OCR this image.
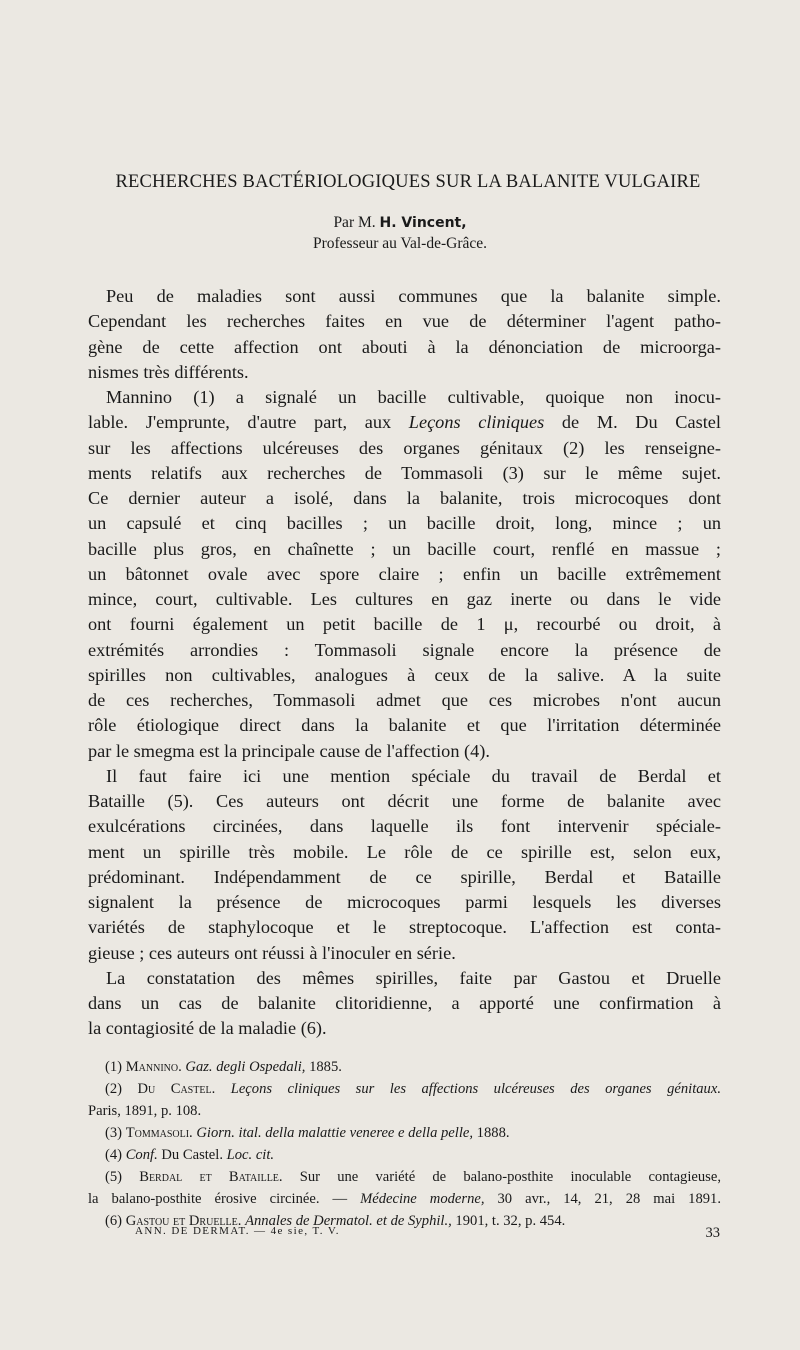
RECHERCHES BACTÉRIOLOGIQUES SUR LA BALANITE VULGAIRE
Par M. H. Vincent,
Professeur au Val-de-Grâce.
Peu de maladies sont aussi communes que la balanite simple.
Cependant les recherches faites en vue de déterminer l'agent patho-
gène de cette affection ont abouti à la dénonciation de microorga-
nismes très différents.
Mannino (1) a signalé un bacille cultivable, quoique non inocu-
lable. J'emprunte, d'autre part, aux Leçons cliniques de M. Du Castel
sur les affections ulcéreuses des organes génitaux (2) les renseigne-
ments relatifs aux recherches de Tommasoli (3) sur le même sujet.
Ce dernier auteur a isolé, dans la balanite, trois microcoques dont
un capsulé et cinq bacilles ; un bacille droit, long, mince ; un
bacille plus gros, en chaînette ; un bacille court, renflé en massue ;
un bâtonnet ovale avec spore claire ; enfin un bacille extrêmement
mince, court, cultivable. Les cultures en gaz inerte ou dans le vide
ont fourni également un petit bacille de 1 μ, recourbé ou droit, à
extrémités arrondies : Tommasoli signale encore la présence de
spirilles non cultivables, analogues à ceux de la salive. A la suite
de ces recherches, Tommasoli admet que ces microbes n'ont aucun
rôle étiologique direct dans la balanite et que l'irritation déterminée
par le smegma est la principale cause de l'affection (4).
Il faut faire ici une mention spéciale du travail de Berdal et
Bataille (5). Ces auteurs ont décrit une forme de balanite avec
exulcérations circinées, dans laquelle ils font intervenir spéciale-
ment un spirille très mobile. Le rôle de ce spirille est, selon eux,
prédominant. Indépendamment de ce spirille, Berdal et Bataille
signalent la présence de microcoques parmi lesquels les diverses
variétés de staphylocoque et le streptocoque. L'affection est conta-
gieuse ; ces auteurs ont réussi à l'inoculer en série.
La constatation des mêmes spirilles, faite par Gastou et Druelle
dans un cas de balanite clitoridienne, a apporté une confirmation à
la contagiosité de la maladie (6).
(1) Mannino. Gaz. degli Ospedali, 1885.
(2) Du Castel. Leçons cliniques sur les affections ulcéreuses des organes génitaux.
Paris, 1891, p. 108.
(3) Tommasoli. Giorn. ital. della malattie veneree e della pelle, 1888.
(4) Conf. Du Castel. Loc. cit.
(5) Berdal et Bataille. Sur une variété de balano-posthite inoculable contagieuse,
la balano-posthite érosive circinée. — Médecine moderne, 30 avr., 14, 21, 28 mai 1891.
(6) Gastou et Druelle. Annales de Dermatol. et de Syphil., 1901, t. 32, p. 454.
ANN. DE DERMAT. — 4e sie, T. V.	33
